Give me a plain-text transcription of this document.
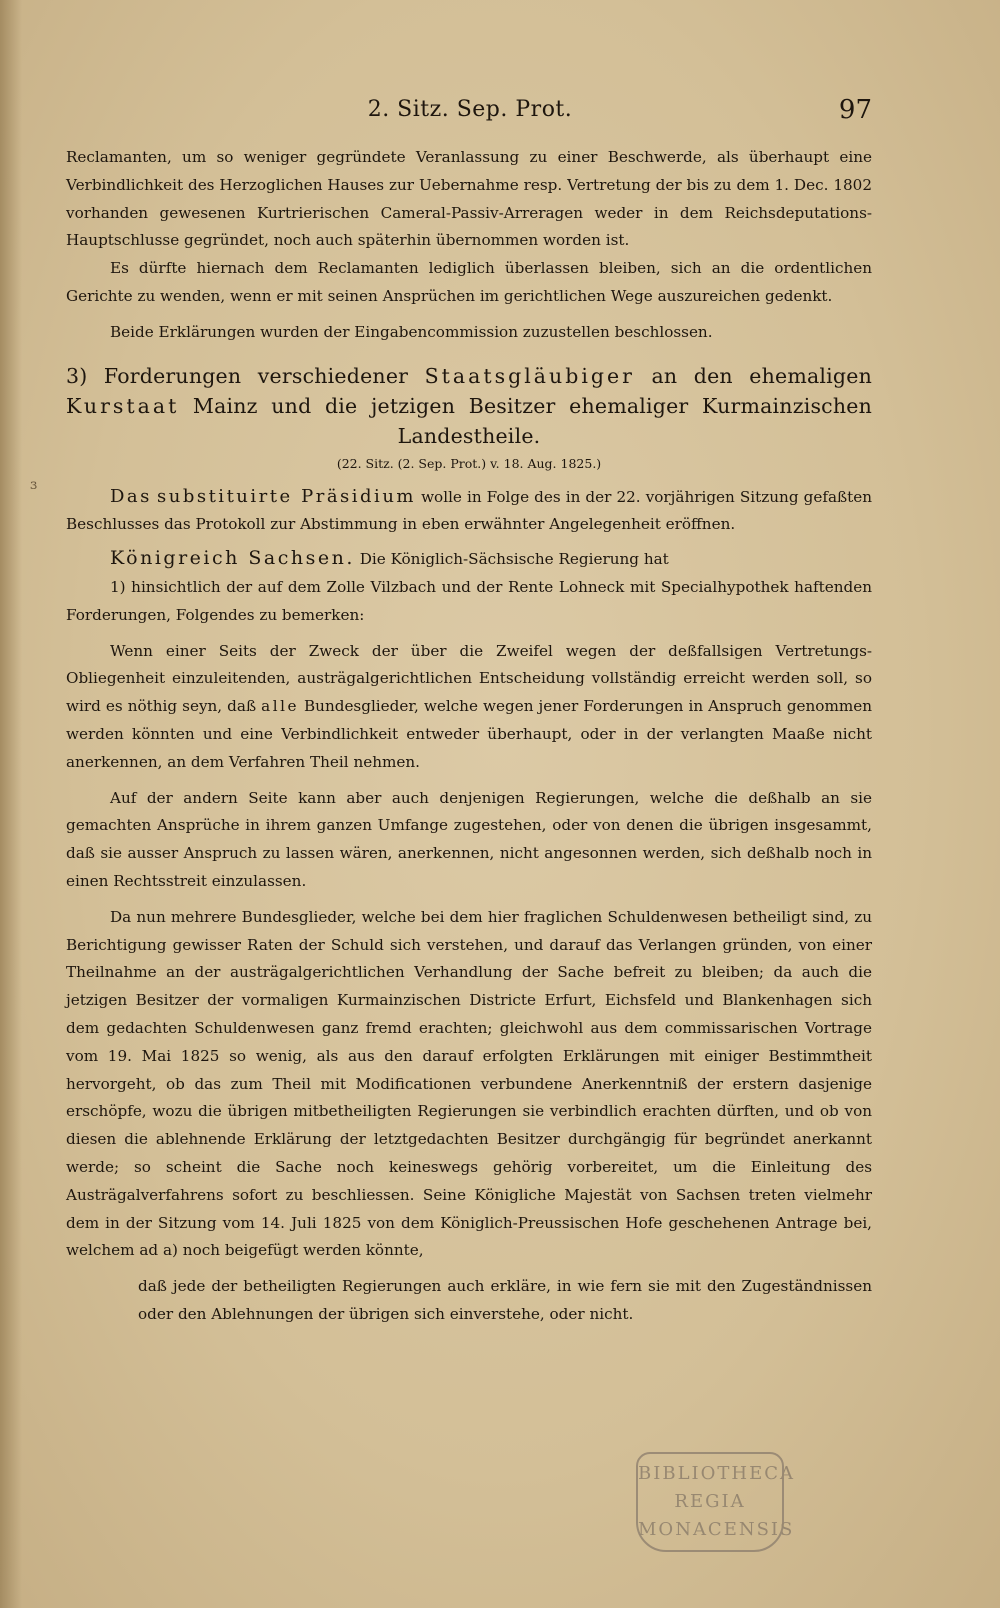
2. Sitz. Sep. Prot.	97
ɜ

Reclamanten, um so weniger gegründete Veranlassung zu einer Beschwerde, als überhaupt eine Verbindlichkeit des Herzoglichen Hauses zur Uebernahme resp. Vertretung der bis zu dem 1. Dec. 1802 vorhanden gewesenen Kurtrierischen Cameral-Passiv-Arreragen weder in dem Reichsdeputations-Hauptschlusse gegründet, noch auch späterhin übernommen worden ist.

Es dürfte hiernach dem Reclamanten lediglich überlassen bleiben, sich an die ordentlichen Gerichte zu wenden, wenn er mit seinen Ansprüchen im gerichtlichen Wege auszureichen gedenkt.

Beide Erklärungen wurden der Eingabencommission zuzustellen beschlossen.

3) Forderungen verschiedener Staatsgläubiger an den ehemaligen Kurstaat Mainz und die jetzigen Besitzer ehemaliger Kurmainzischen Landestheile.

(22. Sitz. (2. Sep. Prot.) v. 18. Aug. 1825.)

Das substituirte Präsidium wolle in Folge des in der 22. vorjährigen Sitzung gefaßten Beschlusses das Protokoll zur Abstimmung in eben erwähnter Angelegenheit eröffnen.

Königreich Sachsen. Die Königlich-Sächsische Regierung hat

1) hinsichtlich der auf dem Zolle Vilzbach und der Rente Lohneck mit Specialhypothek haftenden Forderungen, Folgendes zu bemerken:

Wenn einer Seits der Zweck der über die Zweifel wegen der deßfallsigen Vertretungs-Obliegenheit einzuleitenden, austrägalgerichtlichen Entscheidung vollständig erreicht werden soll, so wird es nöthig seyn, daß alle Bundesglieder, welche wegen jener Forderungen in Anspruch genommen werden könnten und eine Verbindlichkeit entweder überhaupt, oder in der verlangten Maaße nicht anerkennen, an dem Verfahren Theil nehmen.

Auf der andern Seite kann aber auch denjenigen Regierungen, welche die deßhalb an sie gemachten Ansprüche in ihrem ganzen Umfange zugestehen, oder von denen die übrigen insgesammt, daß sie ausser Anspruch zu lassen wären, anerkennen, nicht angesonnen werden, sich deßhalb noch in einen Rechtsstreit einzulassen.

Da nun mehrere Bundesglieder, welche bei dem hier fraglichen Schuldenwesen betheiligt sind, zu Berichtigung gewisser Raten der Schuld sich verstehen, und darauf das Verlangen gründen, von einer Theilnahme an der austrägalgerichtlichen Verhandlung der Sache befreit zu bleiben; da auch die jetzigen Besitzer der vormaligen Kurmainzischen Districte Erfurt, Eichsfeld und Blankenhagen sich dem gedachten Schuldenwesen ganz fremd erachten; gleichwohl aus dem commissarischen Vortrage vom 19. Mai 1825 so wenig, als aus den darauf erfolgten Erklärungen mit einiger Bestimmtheit hervorgeht, ob das zum Theil mit Modificationen verbundene Anerkenntniß der erstern dasjenige erschöpfe, wozu die übrigen mitbetheiligten Regierungen sie verbindlich erachten dürften, und ob von diesen die ablehnende Erklärung der letztgedachten Besitzer durchgängig für begründet anerkannt werde; so scheint die Sache noch keineswegs gehörig vorbereitet, um die Einleitung des Austrägalverfahrens sofort zu beschliessen. Seine Königliche Majestät von Sachsen treten vielmehr dem in der Sitzung vom 14. Juli 1825 von dem Königlich-Preussischen Hofe geschehenen Antrage bei, welchem ad a) noch beigefügt werden könnte,

daß jede der betheiligten Regierungen auch erkläre, in wie fern sie mit den Zugeständnissen oder den Ablehnungen der übrigen sich einverstehe, oder nicht.

BIBLIOTHECA
REGIA
MONACENSIS
